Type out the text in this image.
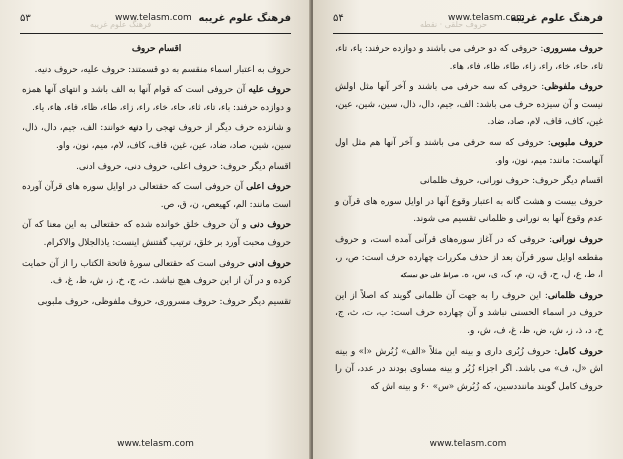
۵۳	www.telasm.com فرهنگ علوم غریبه

اقسام حروف

حروف به اعتبار اسماء منقسم به دو قسمتند: حروف علیه، حروف دنیه.

حروف علیه آن حروفی است که قوام آنها به الف باشد و انتهای آنها همزه و دوازده حرفند: باء، تاء، ثاء، حاء، خاء، راء، زاء، طاء، ظاء، فاء، هاء، یاء.

و شانزده حرف دیگر از حروف تهجی را دنیه خوانند: الف، جیم، دال، ذال، سین، شین، صاد، ضاد، عین، غین، قاف، کاف، لام، میم، نون، واو.

اقسام دیگر حروف: حروف اعلی، حروف دنی، حروف ادنی.

حروف اعلی آن حروفی است که حقتعالی در اوایل سوره های قرآن آورده است مانند: الم، کهیعص، ن، ق، ص.

حروف دنی و آن حروف خلق خوانده شده که حقتعالی به این معنا که آن حروف محبت آورد بر خلق، ترتیب گفتنش اینست: یاذالجلال والاکرام.

حروف ادنی حروفی است که حقتعالی سورهٔ فاتحة الکتاب را از آن حمایت کرده و در آن از این حروف هیچ نباشد. ث، ج، خ، ز، ش، ظ، غ، ف.

تقسیم دیگر حروف: حروف مسروری، حروف ملفوظی، حروف ملبوبی

www.telasm.com
فرهنگ علوم غریبه
www.telasm.com
۵۴

حروف مسروری: حروفی که دو حرفی می باشند و دوازده حرفند: یاء، تاء، ثاء، حاء، خاء، راء، زاء، طاء، ظاء، فاء، هاء.

حروف ملفوظی: حروفی که سه حرفی می باشند و آخر آنها مثل اولش نیست و آن سیزده حرف می باشد: الف، جیم، دال، ذال، سین، شین، عین، غین، کاف، قاف، لام، صاد، ضاد.

حروف ملبوبی: حروفی که سه حرفی می باشند و آخر آنها هم مثل اول آنهاست: مانند: میم، نون، واو.

اقسام دیگر حروف: حروف نورانی، حروف ظلمانی

حروف بیست و هشت گانه به اعتبار وقوع آنها در اوایل سوره های قرآن و عدم وقوع آنها به نورانی و ظلمانی تقسیم می شوند.

حروف نورانی: حروفی که در آغاز سوره‌های قرآنی آمده است، و حروف مقطعه اوایل سور قرآن بعد از حذف مکررات چهارده حرف است: ص، ر، ا، ط، ع، ل، ح، ق، ن، م، ک، ی، س، ه. صراط علی حق نمسکه

حروف ظلمانی: این حروف را به جهت آن ظلمانی گویند که اصلاً از این حروف در اسماء الحسنی نباشد و آن چهارده حرف است: ب، ت، ث، ج، خ، د، ذ، ز، ش، ض، ظ، غ، ف، ش، و.

حروف کامل: حروف زُبُری داری و بینه این مثلاً «الف» زُبُرش «ا» و بینه اش «ل، ف» می باشد. اگر اجزاء زُبُر و بینه مساوی بودند در عدد، آن را حروف کامل گویند ماننددسین، که زُبُرش «س» ۶۰ و بینه اش که

www.telasm.com
فرهنگ علوم غریبه	حروف حلقی · نقطه
